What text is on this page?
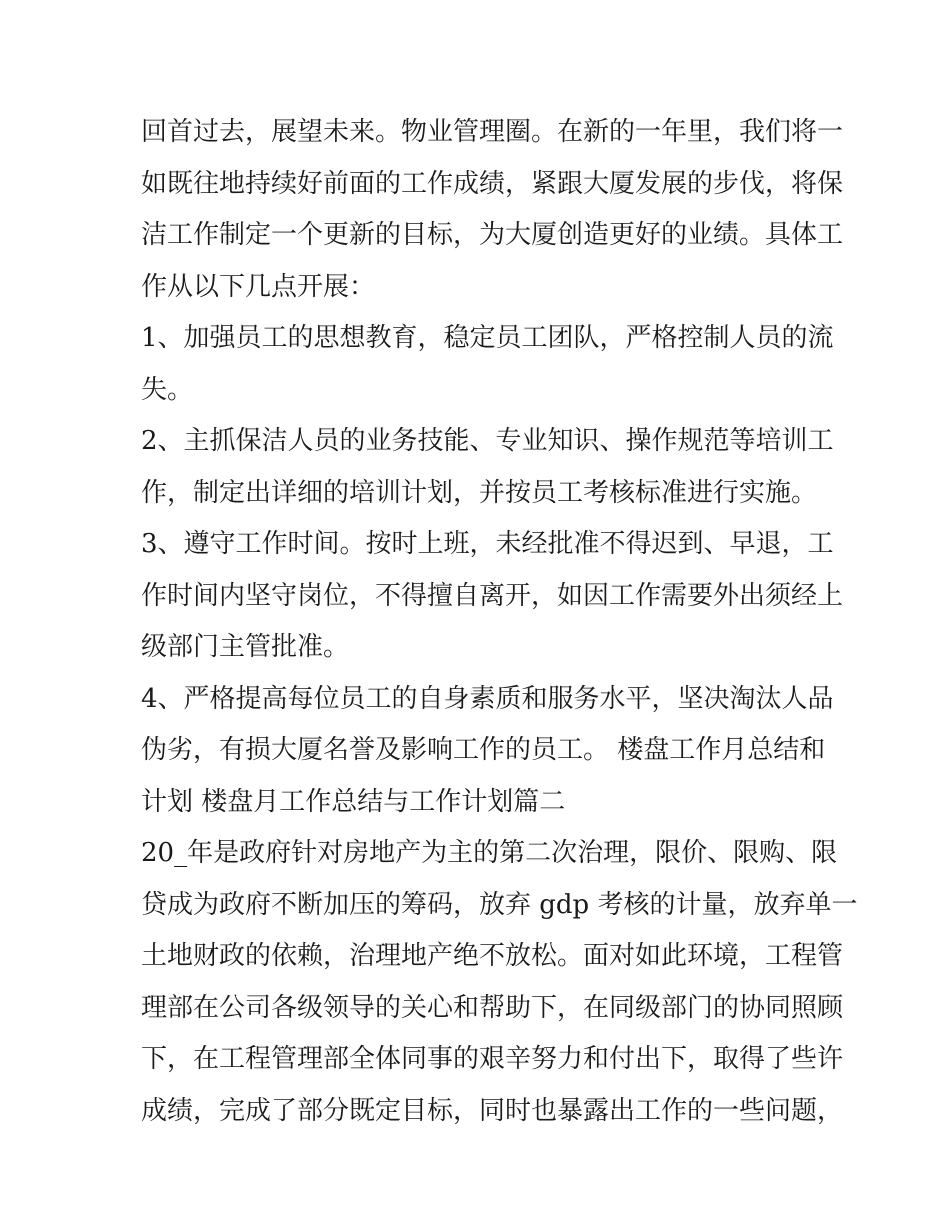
回首过去，展望未来。物业管理圈。在新的一年里，我们将一
如既往地持续好前面的工作成绩，紧跟大厦发展的步伐，将保
洁工作制定一个更新的目标，为大厦创造更好的业绩。具体工
作从以下几点开展：

1、加强员工的思想教育，稳定员工团队，严格控制人员的流
失。

2、主抓保洁人员的业务技能、专业知识、操作规范等培训工
作，制定出详细的培训计划，并按员工考核标准进行实施。

3、遵守工作时间。按时上班，未经批准不得迟到、早退，工
作时间内坚守岗位，不得擅自离开，如因工作需要外出须经上
级部门主管批准。

4、严格提高每位员工的自身素质和服务水平，坚决淘汰人品
伪劣，有损大厦名誉及影响工作的员工。 楼盘工作月总结和
计划 楼盘月工作总结与工作计划篇二

20_年是政府针对房地产为主的第二次治理，限价、限购、限
贷成为政府不断加压的筹码，放弃 gdp 考核的计量，放弃单一
土地财政的依赖，治理地产绝不放松。面对如此环境，工程管
理部在公司各级领导的关心和帮助下，在同级部门的协同照顾
下，在工程管理部全体同事的艰辛努力和付出下，取得了些许
成绩，完成了部分既定目标，同时也暴露出工作的一些问题，
